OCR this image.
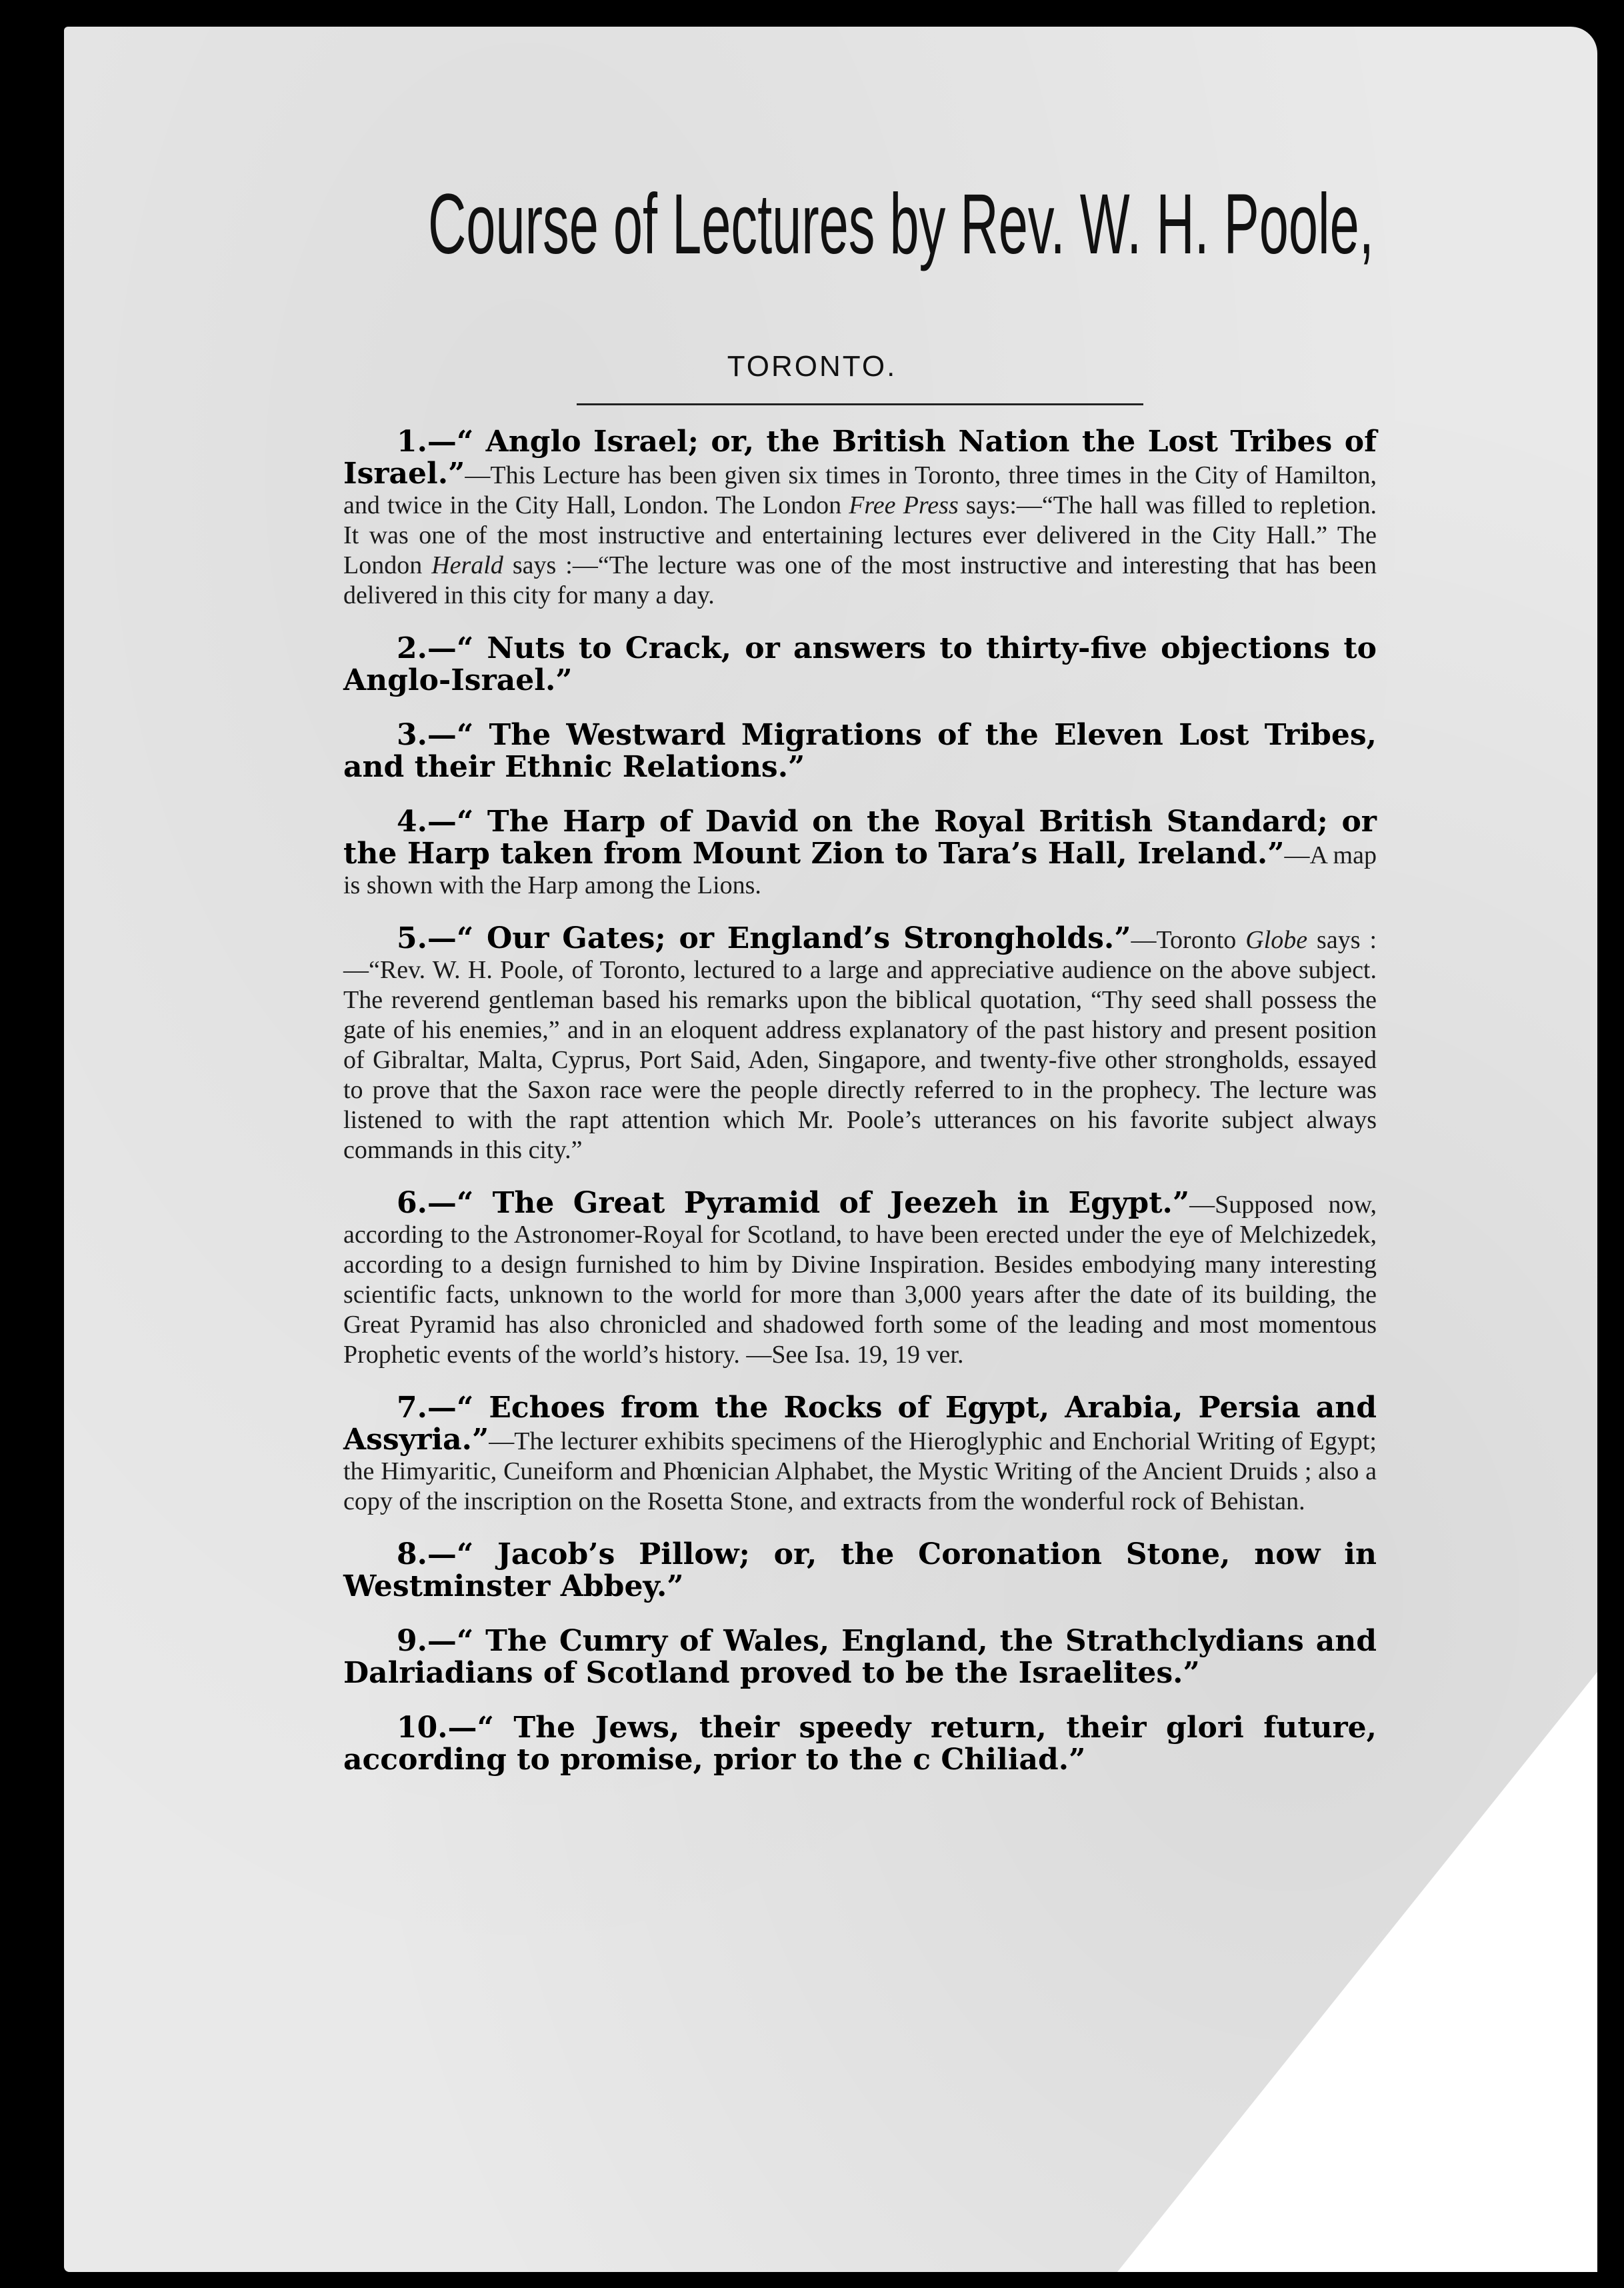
Course of Lectures by Rev. W. H. Poole,
TORONTO.

1.—“ Anglo Israel; or, the British Nation the Lost Tribes of Israel.”—This Lecture has been given six times in Toronto, three times in the City of Hamilton, and twice in the City Hall, London. The London Free Press says:—“The hall was filled to repletion. It was one of the most instructive and entertaining lectures ever delivered in the City Hall.” The London Herald says :—“The lecture was one of the most instructive and interesting that has been delivered in this city for many a day.

2.—“ Nuts to Crack, or answers to thirty-five objections to Anglo-Israel.”

3.—“ The Westward Migrations of the Eleven Lost Tribes, and their Ethnic Relations.”

4.—“ The Harp of David on the Royal British Standard; or the Harp taken from Mount Zion to Tara’s Hall, Ireland.”—A map is shown with the Harp among the Lions.

5.—“ Our Gates; or England’s Strongholds.”—Toronto Globe says :—“Rev. W. H. Poole, of Toronto, lectured to a large and appreciative audience on the above subject. The reverend gentleman based his remarks upon the biblical quotation, “Thy seed shall possess the gate of his enemies,” and in an eloquent address explanatory of the past history and present position of Gibraltar, Malta, Cyprus, Port Said, Aden, Singapore, and twenty-five other strongholds, essayed to prove that the Saxon race were the people directly referred to in the prophecy. The lecture was listened to with the rapt attention which Mr. Poole’s utterances on his favorite subject always commands in this city.”

6.—“ The Great Pyramid of Jeezeh in Egypt.”—Supposed now, according to the Astronomer-Royal for Scotland, to have been erected under the eye of Melchizedek, according to a design furnished to him by Divine Inspiration. Besides embodying many interesting scientific facts, unknown to the world for more than 3,000 years after the date of its building, the Great Pyramid has also chronicled and shadowed forth some of the leading and most momentous Prophetic events of the world’s history. —See Isa. 19, 19 ver.

7.—“ Echoes from the Rocks of Egypt, Arabia, Persia and Assyria.”—The lecturer exhibits specimens of the Hieroglyphic and Enchorial Writing of Egypt; the Himyaritic, Cuneiform and Phœnician Alphabet, the Mystic Writing of the Ancient Druids ; also a copy of the inscription on the Rosetta Stone, and extracts from the wonderful rock of Behistan.

8.—“ Jacob’s Pillow; or, the Coronation Stone, now in Westminster Abbey.”

9.—“ The Cumry of Wales, England, the Strathclydians and Dalriadians of Scotland proved to be the Israelites.”

10.—“ The Jews, their speedy return, their glori future, according to promise, prior to the c Chiliad.”
